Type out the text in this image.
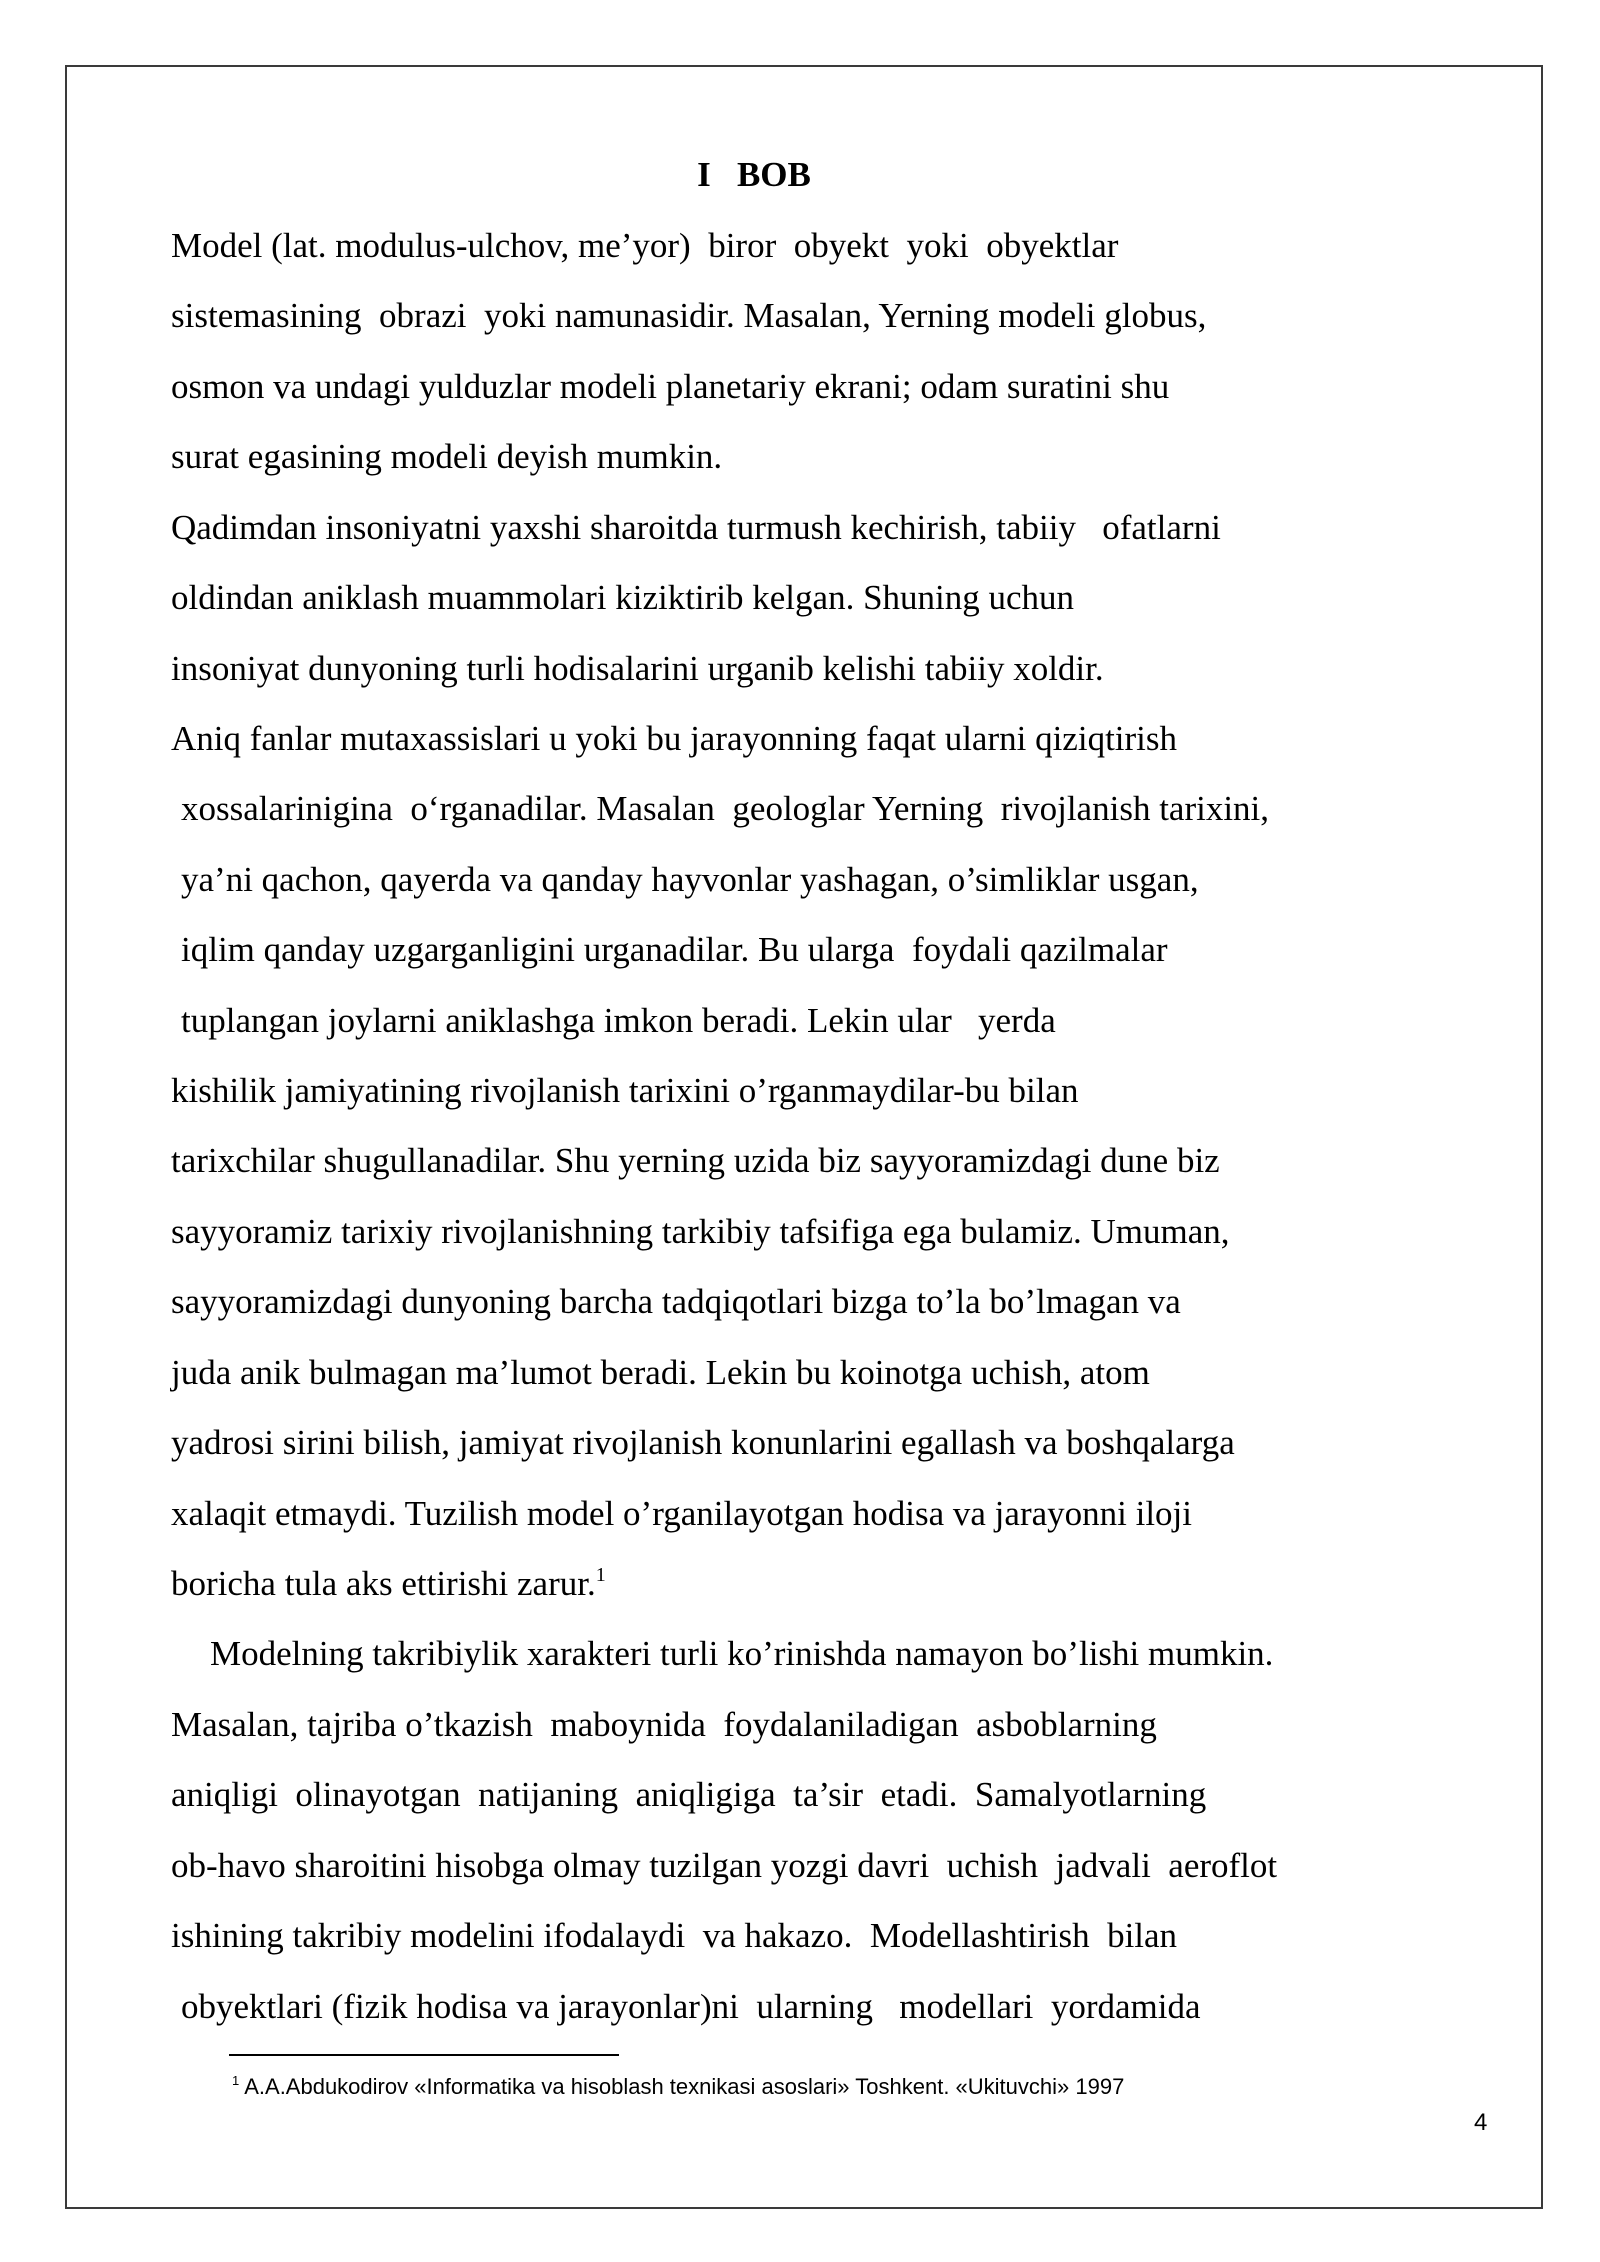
I   BOB
Model (lat. modulus-ulchov, me’yor)  biror  obyekt  yoki  obyektlar
sistemasining  obrazi  yoki namunasidir. Masalan, Yerning modeli globus,
osmon va undagi yulduzlar modeli planetariy ekrani; odam suratini shu
surat egasining modeli deyish mumkin.
Qadimdan insoniyatni yaxshi sharoitda turmush kechirish, tabiiy   ofatlarni
oldindan aniklash muammolari kiziktirib kelgan. Shuning uchun
insoniyat dunyoning turli hodisalarini urganib kelishi tabiiy xoldir.
Aniq fanlar mutaxassislari u yoki bu jarayonning faqat ularni qiziqtirish
xossalarinigina  oʻrganadilar. Masalan  geologlar Yerning  rivojlanish tarixini,
ya’ni qachon, qayerda va qanday hayvonlar yashagan, o’simliklar usgan,
iqlim qanday uzgarganligini urganadilar. Bu ularga  foydali qazilmalar
tuplangan joylarni aniklashga imkon beradi. Lekin ular   yerda
kishilik jamiyatining rivojlanish tarixini o’rganmaydilar-bu bilan
tarixchilar shugullanadilar. Shu yerning uzida biz sayyoramizdagi dune biz
sayyoramiz tarixiy rivojlanishning tarkibiy tafsifiga ega bulamiz. Umuman,
sayyoramizdagi dunyoning barcha tadqiqotlari bizga to’la bo’lmagan va
juda anik bulmagan ma’lumot beradi. Lekin bu koinotga uchish, atom
yadrosi sirini bilish, jamiyat rivojlanish konunlarini egallash va boshqalarga
xalaqit etmaydi. Tuzilish model o’rganilayotgan hodisa va jarayonni iloji
boricha tula aks ettirishi zarur.$^1$
Modelning takribiylik xarakteri turli ko’rinishda namayon bo’lishi mumkin.
Masalan, tajriba o’tkazish  maboynida  foydalaniladigan  asboblarning
aniqligi  olinayotgan  natijaning  aniqligiga  ta’sir  etadi.  Samalyotlarning
ob-havo sharoitini hisobga olmay tuzilgan yozgi davri  uchish  jadvali  aeroflot
ishining takribiy modelini ifodalaydi  va hakazo.  Modellashtirish  bilan
obyektlari (fizik hodisa va jarayonlar)ni  ularning   modellari  yordamida
$^1$ A.A.Abdukodirov «Informatika va hisoblash texnikasi asoslari» Toshkent. «Ukituvchi» 1997
4
